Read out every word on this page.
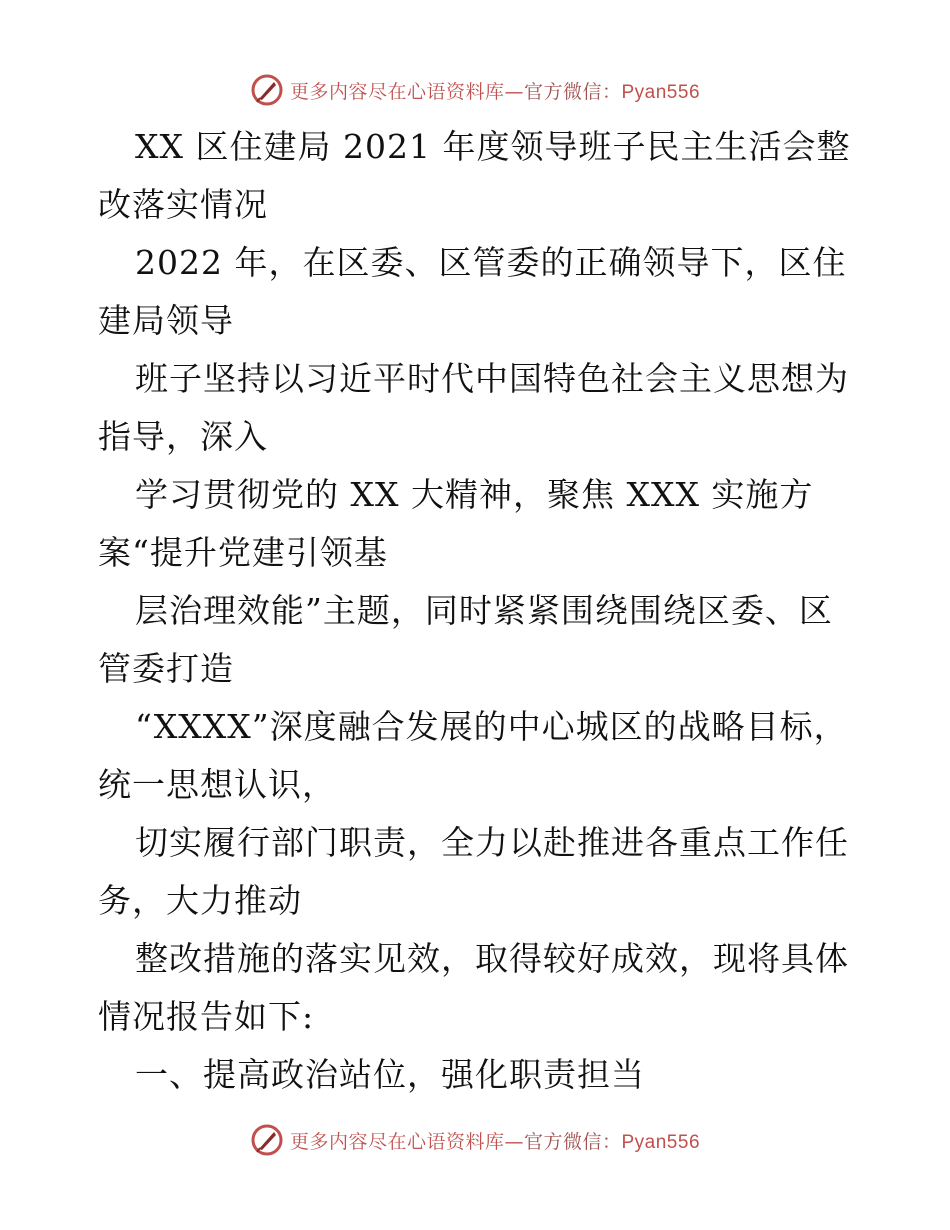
更多内容尽在心语资料库—官方微信：Pyan556
XX 区住建局 2021 年度领导班子民主生活会整
改落实情况
2022 年，在区委、区管委的正确领导下，区住
建局领导
班子坚持以习近平时代中国特色社会主义思想为
指导，深入
学习贯彻党的 XX 大精神，聚焦 XXX 实施方
案“提升党建引领基
层治理效能”主题，同时紧紧围绕围绕区委、区
管委打造
“XXXX”深度融合发展的中心城区的战略目标，
统一思想认识，
切实履行部门职责，全力以赴推进各重点工作任
务，大力推动
整改措施的落实见效，取得较好成效，现将具体
情况报告如下:
一、提高政治站位，强化职责担当
更多内容尽在心语资料库—官方微信：Pyan556
